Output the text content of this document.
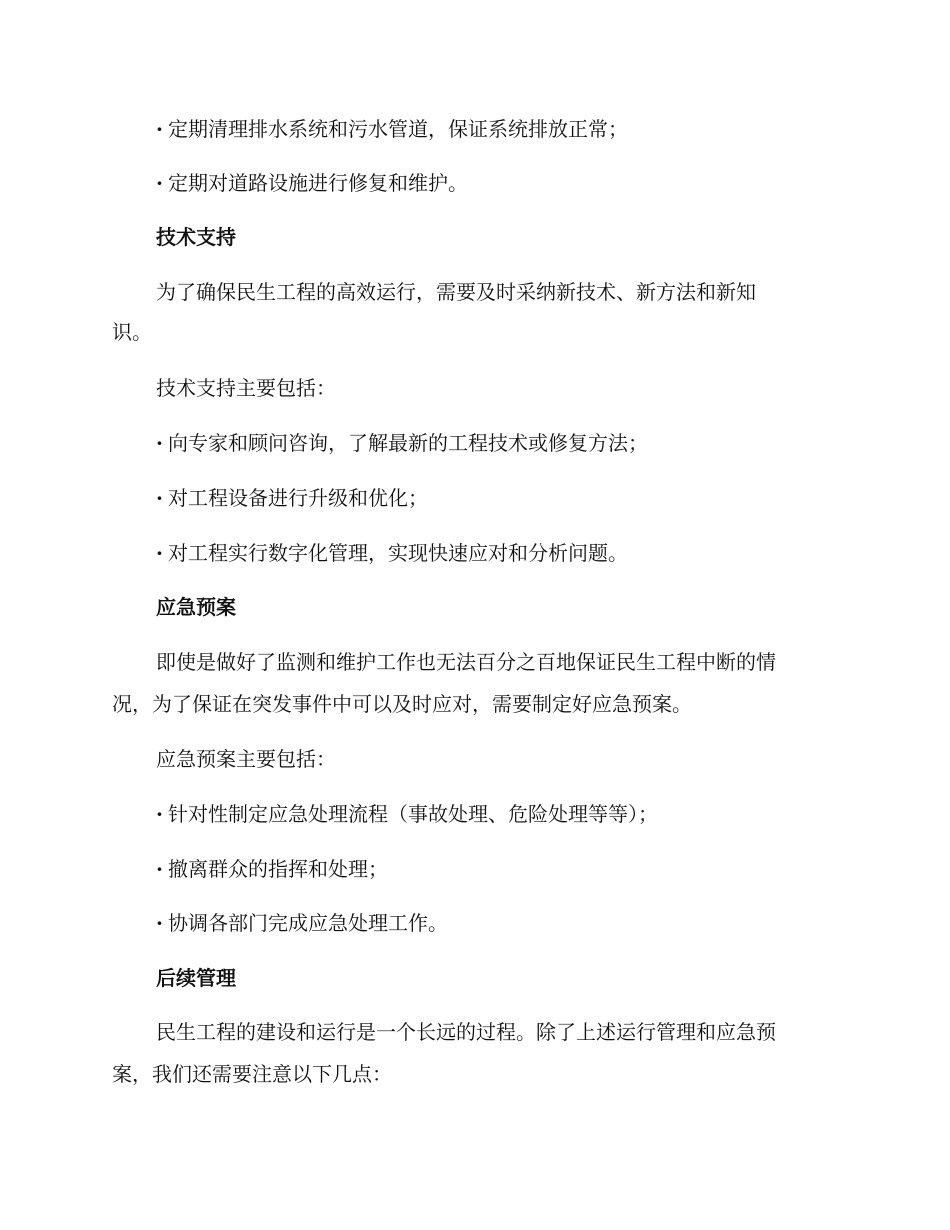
· 定期清理排水系统和污水管道，保证系统排放正常；
· 定期对道路设施进行修复和维护。
技术支持
为了确保民生工程的高效运行，需要及时采纳新技术、新方法和新知
识。
技术支持主要包括：
· 向专家和顾问咨询，了解最新的工程技术或修复方法；
· 对工程设备进行升级和优化；
· 对工程实行数字化管理，实现快速应对和分析问题。
应急预案
即使是做好了监测和维护工作也无法百分之百地保证民生工程中断的情
况，为了保证在突发事件中可以及时应对，需要制定好应急预案。
应急预案主要包括：
· 针对性制定应急处理流程（事故处理、危险处理等等）；
· 撤离群众的指挥和处理；
· 协调各部门完成应急处理工作。
后续管理
民生工程的建设和运行是一个长远的过程。除了上述运行管理和应急预
案，我们还需要注意以下几点：
